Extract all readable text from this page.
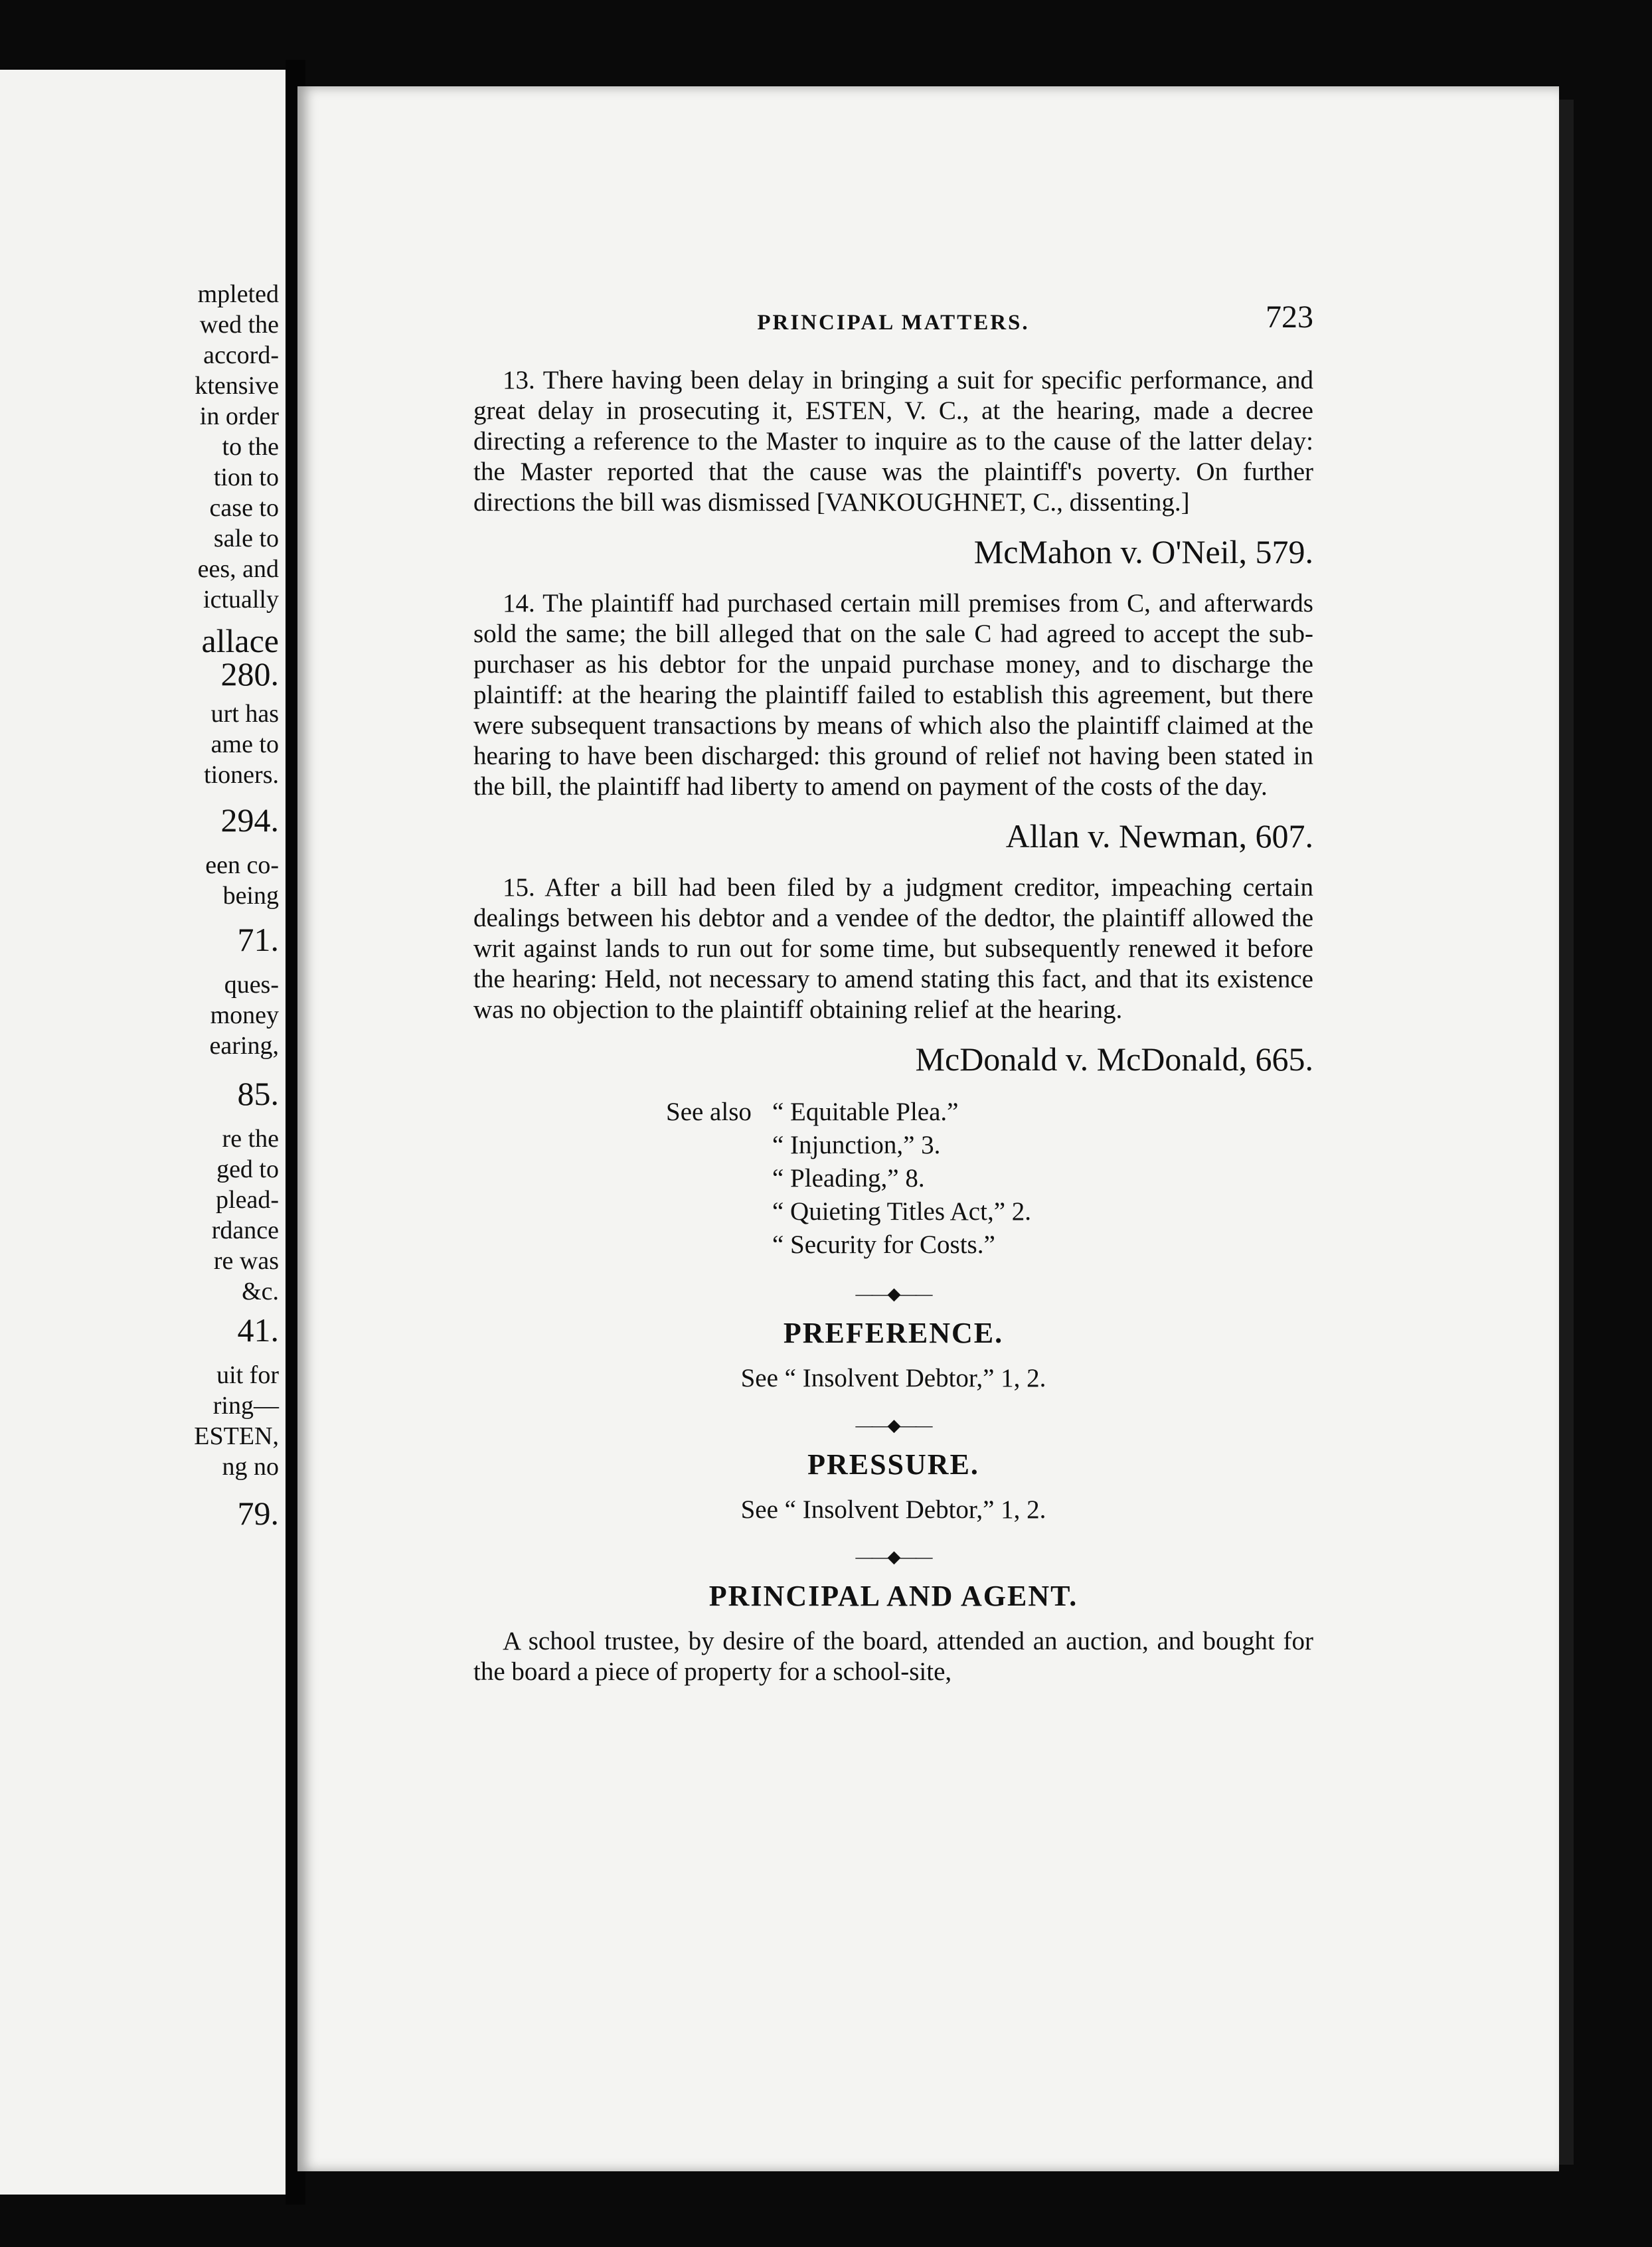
mpleted
wed the
accord-
ktensive
in order
to the
tion to
case to
sale to
ees, and
ictually
allace
280.
urt has
ame to
tioners.
294.
een co-
being
71.
ques-
money
earing,
85.
re the
ged to
plead-
rdance
re was
&c.
41.
uit for
ring—
ESTEN,
ng no
79.
PRINCIPAL MATTERS.	723

13. There having been delay in bringing a suit for specific performance, and great delay in prosecuting it, ESTEN, V. C., at the hearing, made a decree directing a reference to the Master to inquire as to the cause of the latter delay: the Master reported that the cause was the plaintiff's poverty. On further directions the bill was dismissed [VANKOUGHNET, C., dissenting.]

McMahon v. O'Neil, 579.

14. The plaintiff had purchased certain mill premises from C, and afterwards sold the same; the bill alleged that on the sale C had agreed to accept the sub-purchaser as his debtor for the unpaid purchase money, and to discharge the plaintiff: at the hearing the plaintiff failed to establish this agreement, but there were subsequent transactions by means of which also the plaintiff claimed at the hearing to have been discharged: this ground of relief not having been stated in the bill, the plaintiff had liberty to amend on payment of the costs of the day.

Allan v. Newman, 607.

15. After a bill had been filed by a judgment creditor, impeaching certain dealings between his debtor and a vendee of the dedtor, the plaintiff allowed the writ against lands to run out for some time, but subsequently renewed it before the hearing: Held, not necessary to amend stating this fact, and that its existence was no objection to the plaintiff obtaining relief at the hearing.

McDonald v. McDonald, 665.
See also “ Equitable Plea.”
“ Injunction,” 3.
“ Pleading,” 8.
“ Quieting Titles Act,” 2.
“ Security for Costs.”
——◆——
PREFERENCE.

See “ Insolvent Debtor,” 1, 2.

——◆——
PRESSURE.

See “ Insolvent Debtor,” 1, 2.

——◆——
PRINCIPAL AND AGENT.

A school trustee, by desire of the board, attended an auction, and bought for the board a piece of property for a school-site,
